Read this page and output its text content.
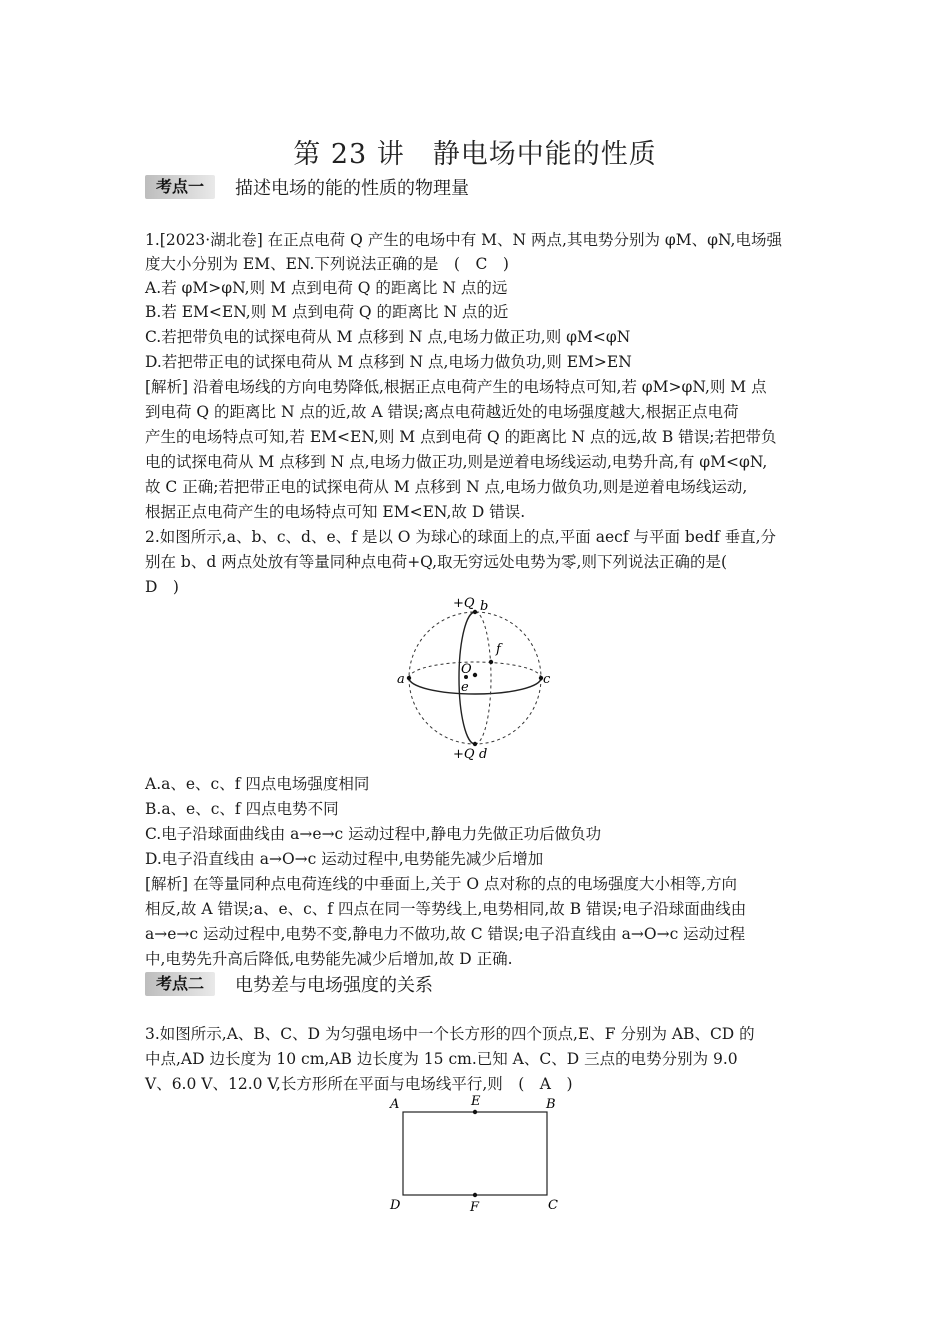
第 23 讲　静电场中能的性质
考点一	描述电场的能的性质的物理量
1.[2023·湖北卷] 在正点电荷 Q 产生的电场中有 M、N 两点,其电势分别为 φM、φN,电场强
度大小分别为 EM、EN.下列说法正确的是　(　C　)
A.若 φM>φN,则 M 点到电荷 Q 的距离比 N 点的远
B.若 EM<EN,则 M 点到电荷 Q 的距离比 N 点的近
C.若把带负电的试探电荷从 M 点移到 N 点,电场力做正功,则 φM<φN
D.若把带正电的试探电荷从 M 点移到 N 点,电场力做负功,则 EM>EN
[解析] 沿着电场线的方向电势降低,根据正点电荷产生的电场特点可知,若 φM>φN,则 M 点
到电荷 Q 的距离比 N 点的近,故 A 错误;离点电荷越近处的电场强度越大,根据正点电荷
产生的电场特点可知,若 EM<EN,则 M 点到电荷 Q 的距离比 N 点的远,故 B 错误;若把带负
电的试探电荷从 M 点移到 N 点,电场力做正功,则是逆着电场线运动,电势升高,有 φM<φN,
故 C 正确;若把带正电的试探电荷从 M 点移到 N 点,电场力做负功,则是逆着电场线运动,
根据正点电荷产生的电场特点可知 EM<EN,故 D 错误.
2.如图所示,a、b、c、d、e、f 是以 O 为球心的球面上的点,平面 aecf 与平面 bedf 垂直,分
别在 b、d 两点处放有等量同种点电荷+Q,取无穷远处电势为零,则下列说法正确的是(
D　)
+Q b
+Q d
a	c
O
e
f
A.a、e、c、f 四点电场强度相同
B.a、e、c、f 四点电势不同
C.电子沿球面曲线由 a→e→c 运动过程中,静电力先做正功后做负功
D.电子沿直线由 a→O→c 运动过程中,电势能先减少后增加
[解析] 在等量同种点电荷连线的中垂面上,关于 O 点对称的点的电场强度大小相等,方向
相反,故 A 错误;a、e、c、f 四点在同一等势线上,电势相同,故 B 错误;电子沿球面曲线由
a→e→c 运动过程中,电势不变,静电力不做功,故 C 错误;电子沿直线由 a→O→c 运动过程
中,电势先升高后降低,电势能先减少后增加,故 D 正确.
考点二	电势差与电场强度的关系
3.如图所示,A、B、C、D 为匀强电场中一个长方形的四个顶点,E、F 分别为 AB、CD 的
中点,AD 边长度为 10 cm,AB 边长度为 15 cm.已知 A、C、D 三点的电势分别为 9.0
V、6.0 V、12.0 V,长方形所在平面与电场线平行,则　(　A　)
A	E	B
D	F	C
